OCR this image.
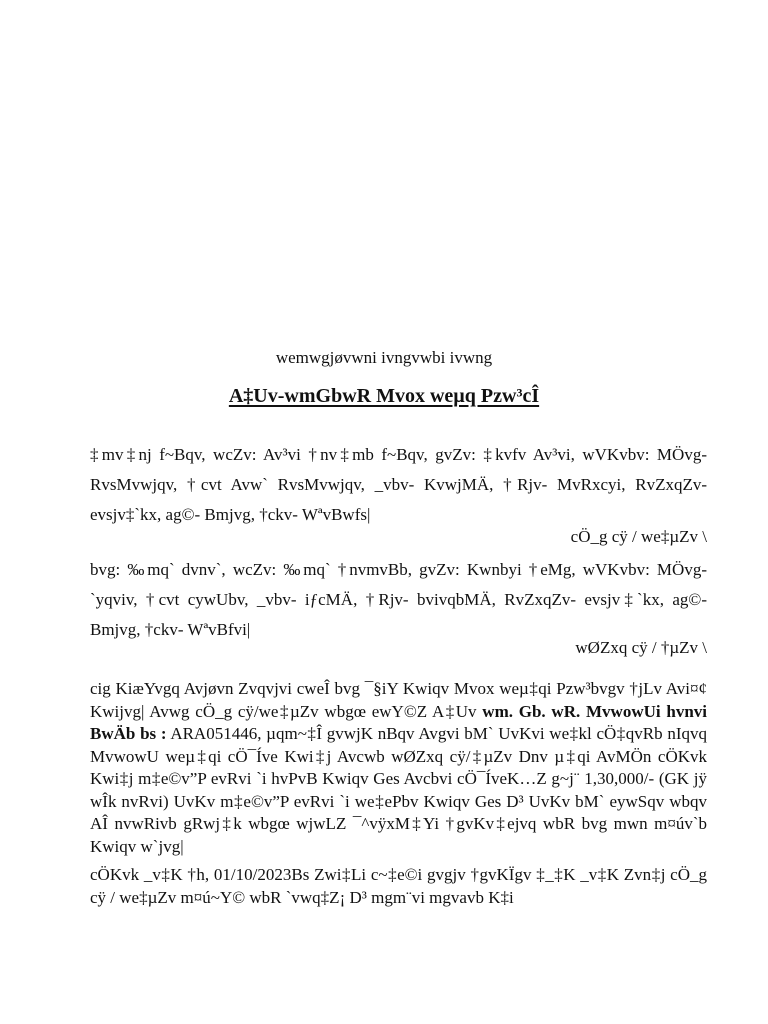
wemwgjøvwni ivngvwbi ivwng
A‡Uv-wmGbwR Mvox weµq Pzw³cÎ

‡mv‡nj f~Bqv, wcZv: Av³vi †nv‡mb f~Bqv, gvZv: ‡kvfv Av³vi, wVKvbv: MÖvg- RvsMvwjqv, †cvt Avw` RvsMvwjqv, _vbv- KvwjMÄ, †Rjv- MvRxcyi, RvZxqZv- evsjv‡`kx, ag©- Bmjvg, †ckv- WªvBwfs|

cÖ_g cÿ / we‡µZv \

bvg: ‰mq` dvnv`, wcZv: ‰mq` †nvmvBb, gvZv: Kwnbyi †eMg, wVKvbv: MÖvg- `yqviv, †cvt cywUbv, _vbv- iƒcMÄ, †Rjv- bvivqbMÄ, RvZxqZv- evsjv‡`kx, ag©- Bmjvg, †ckv- WªvBfvi|

wØZxq cÿ / †µZv \

cig KiæYvgq Avjøvn Zvqvjvi cweÎ bvg ¯§iY Kwiqv Mvox weµ‡qi Pzw³bvgv †jLv Avi¤¢ Kwijvg| Avwg cÖ_g cÿ/we‡µZv wbgœ ewY©Z A‡Uv wm. Gb. wR. MvwowUi hvnvi BwÄb bs : ARA051446, µqm~‡Î gvwjK nBqv Avgvi bM` UvKvi we‡kl cÖ‡qvRb nIqvq MvwowU weµ‡qi cÖ¯Íve Kwi‡j Avcwb wØZxq cÿ/‡µZv Dnv µ‡qi AvMÖn cÖKvk Kwi‡j m‡e©v”P evRvi `i hvPvB Kwiqv Ges Avcbvi cÖ¯ÍveK…Z g~j¨ 1,30,000/- (GK jÿ wÎk nvRvi) UvKv m‡e©v”P evRvi `i we‡ePbv Kwiqv Ges D³ UvKv bM` eywSqv wbqv AÎ nvwRivb gRwj‡k wbgœ wjwLZ ¯^vÿxM‡Yi †gvKv‡ejvq wbR bvg mwn m¤úv`b Kwiqv w`jvg|

cÖKvk _v‡K †h, 01/10/2023Bs Zwi‡Li c~‡e©i gvgjv †gvKÏgv ‡_‡K _v‡K Zvn‡j cÖ_g cÿ / we‡µZv m¤ú~Y© wbR `vwq‡Z¡ D³ mgm¨vi mgvavb K‡i
